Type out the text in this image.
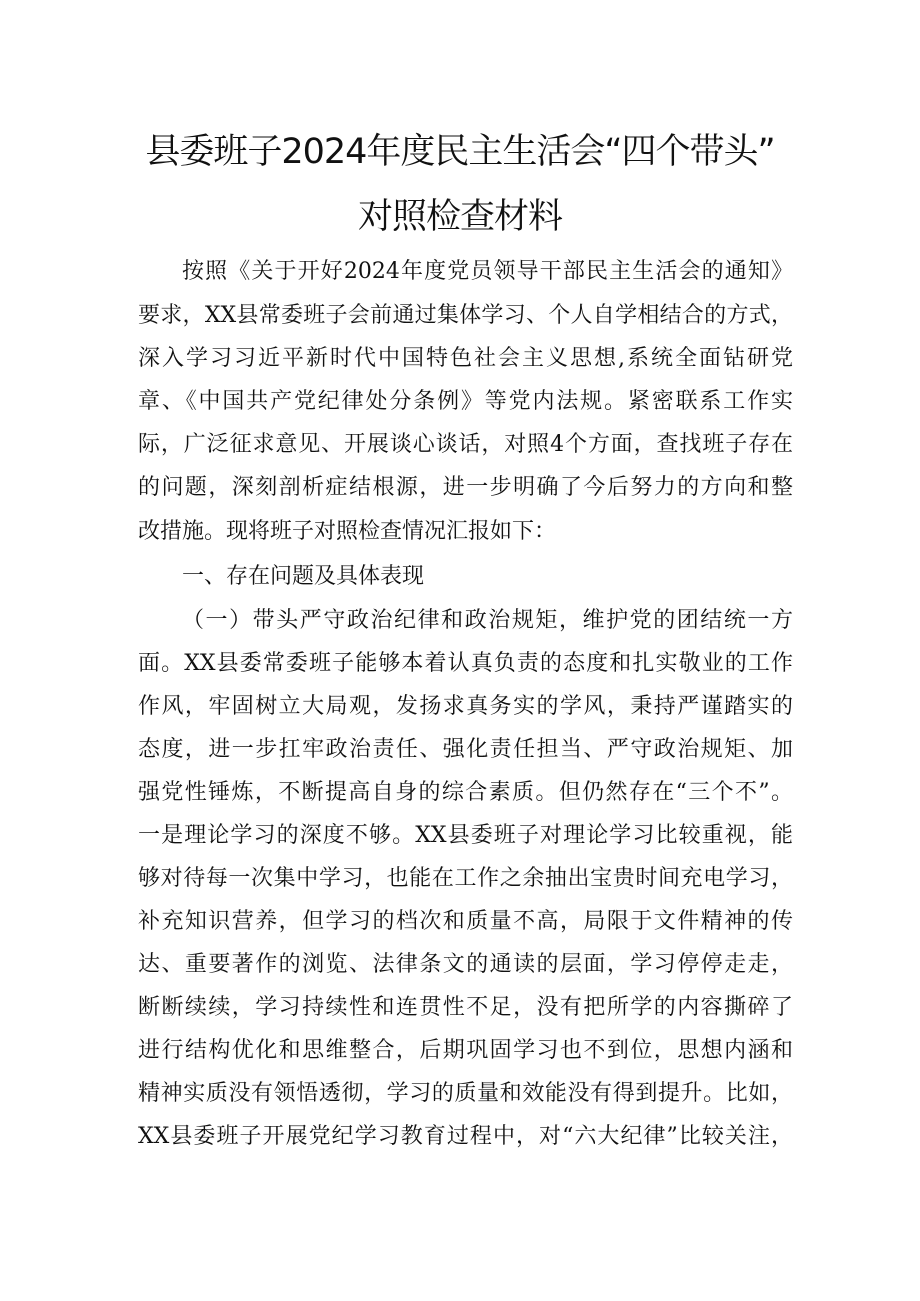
县委班子2024年度民主生活会“四个带头”
对照检查材料
按照《关于开好2024年度党员领导干部民主生活会的通知》
要求，XX县常委班子会前通过集体学习、个人自学相结合的方式，
深入学习习近平新时代中国特色社会主义思想,系统全面钻研党
章、《中国共产党纪律处分条例》等党内法规。紧密联系工作实
际，广泛征求意见、开展谈心谈话，对照4个方面，查找班子存在
的问题，深刻剖析症结根源，进一步明确了今后努力的方向和整
改措施。现将班子对照检查情况汇报如下：
一、存在问题及具体表现
（一）带头严守政治纪律和政治规矩，维护党的团结统一方
面。XX县委常委班子能够本着认真负责的态度和扎实敬业的工作
作风，牢固树立大局观，发扬求真务实的学风，秉持严谨踏实的
态度，进一步扛牢政治责任、强化责任担当、严守政治规矩、加
强党性锤炼，不断提高自身的综合素质。但仍然存在“三个不”。
一是理论学习的深度不够。XX县委班子对理论学习比较重视，能
够对待每一次集中学习，也能在工作之余抽出宝贵时间充电学习，
补充知识营养，但学习的档次和质量不高，局限于文件精神的传
达、重要著作的浏览、法律条文的通读的层面，学习停停走走，
断断续续，学习持续性和连贯性不足，没有把所学的内容撕碎了
进行结构优化和思维整合，后期巩固学习也不到位，思想内涵和
精神实质没有领悟透彻，学习的质量和效能没有得到提升。比如，
XX县委班子开展党纪学习教育过程中，对“六大纪律”比较关注，
